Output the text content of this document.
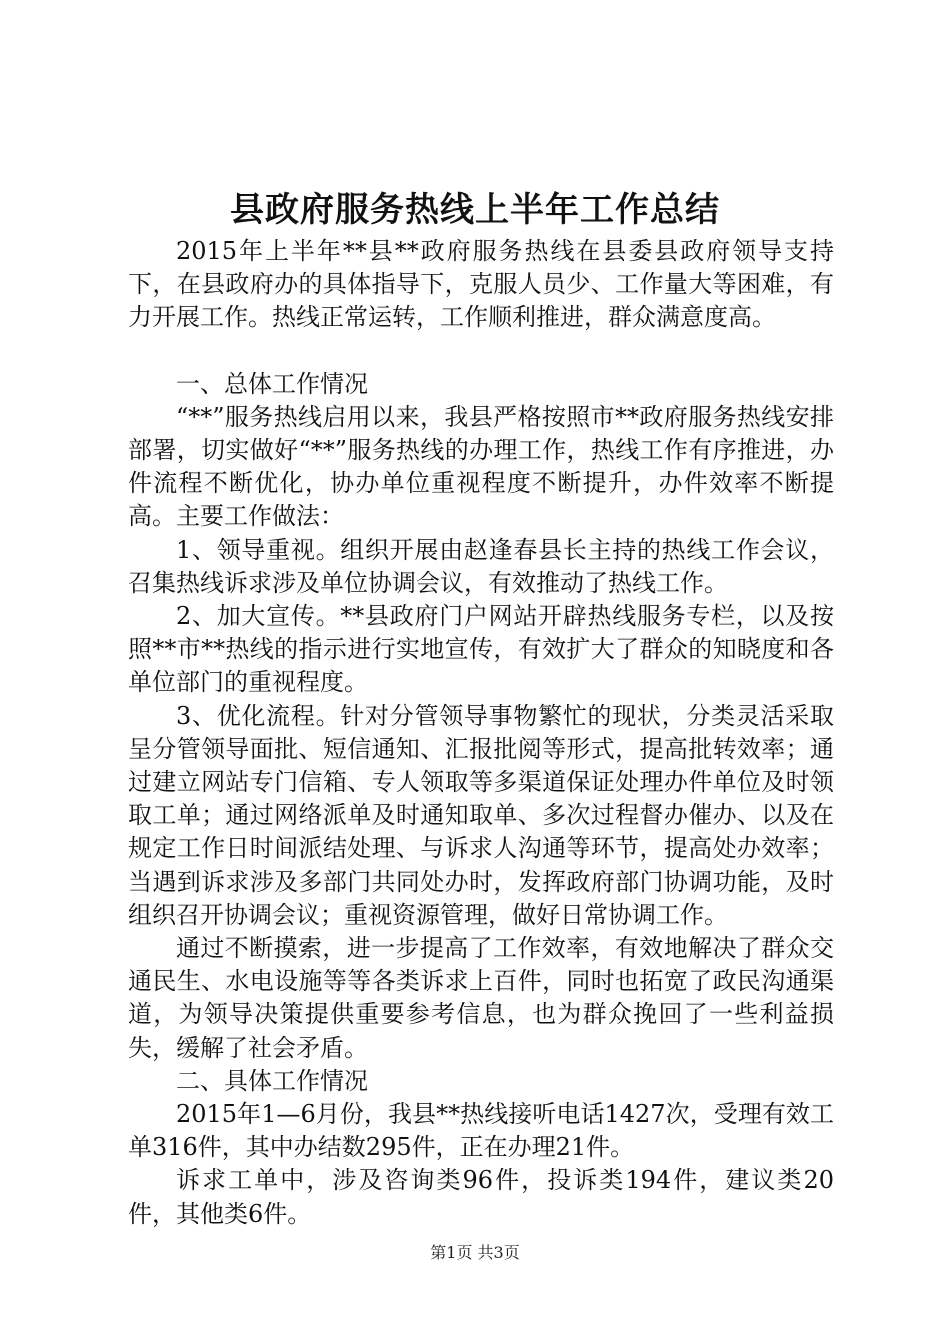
县政府服务热线上半年工作总结

2015年上半年**县**政府服务热线在县委县政府领导支持下，在县政府办的具体指导下，克服人员少、工作量大等困难，有力开展工作。热线正常运转，工作顺利推进，群众满意度高。

一、总体工作情况

“**”服务热线启用以来，我县严格按照市**政府服务热线安排部署，切实做好“**”服务热线的办理工作，热线工作有序推进，办件流程不断优化，协办单位重视程度不断提升，办件效率不断提高。主要工作做法：

1、领导重视。组织开展由赵逢春县长主持的热线工作会议，召集热线诉求涉及单位协调会议，有效推动了热线工作。

2、加大宣传。**县政府门户网站开辟热线服务专栏，以及按照**市**热线的指示进行实地宣传，有效扩大了群众的知晓度和各单位部门的重视程度。

3、优化流程。针对分管领导事物繁忙的现状，分类灵活采取呈分管领导面批、短信通知、汇报批阅等形式，提高批转效率；通过建立网站专门信箱、专人领取等多渠道保证处理办件单位及时领取工单；通过网络派单及时通知取单、多次过程督办催办、以及在规定工作日时间派结处理、与诉求人沟通等环节，提高处办效率；当遇到诉求涉及多部门共同处办时，发挥政府部门协调功能，及时组织召开协调会议；重视资源管理，做好日常协调工作。

通过不断摸索，进一步提高了工作效率，有效地解决了群众交通民生、水电设施等等各类诉求上百件，同时也拓宽了政民沟通渠道，为领导决策提供重要参考信息，也为群众挽回了一些利益损失，缓解了社会矛盾。

二、具体工作情况

2015年1—6月份，我县**热线接听电话1427次，受理有效工单316件，其中办结数295件，正在办理21件。

诉求工单中，涉及咨询类96件，投诉类194件，建议类20件，其他类6件。

第1页 共3页
